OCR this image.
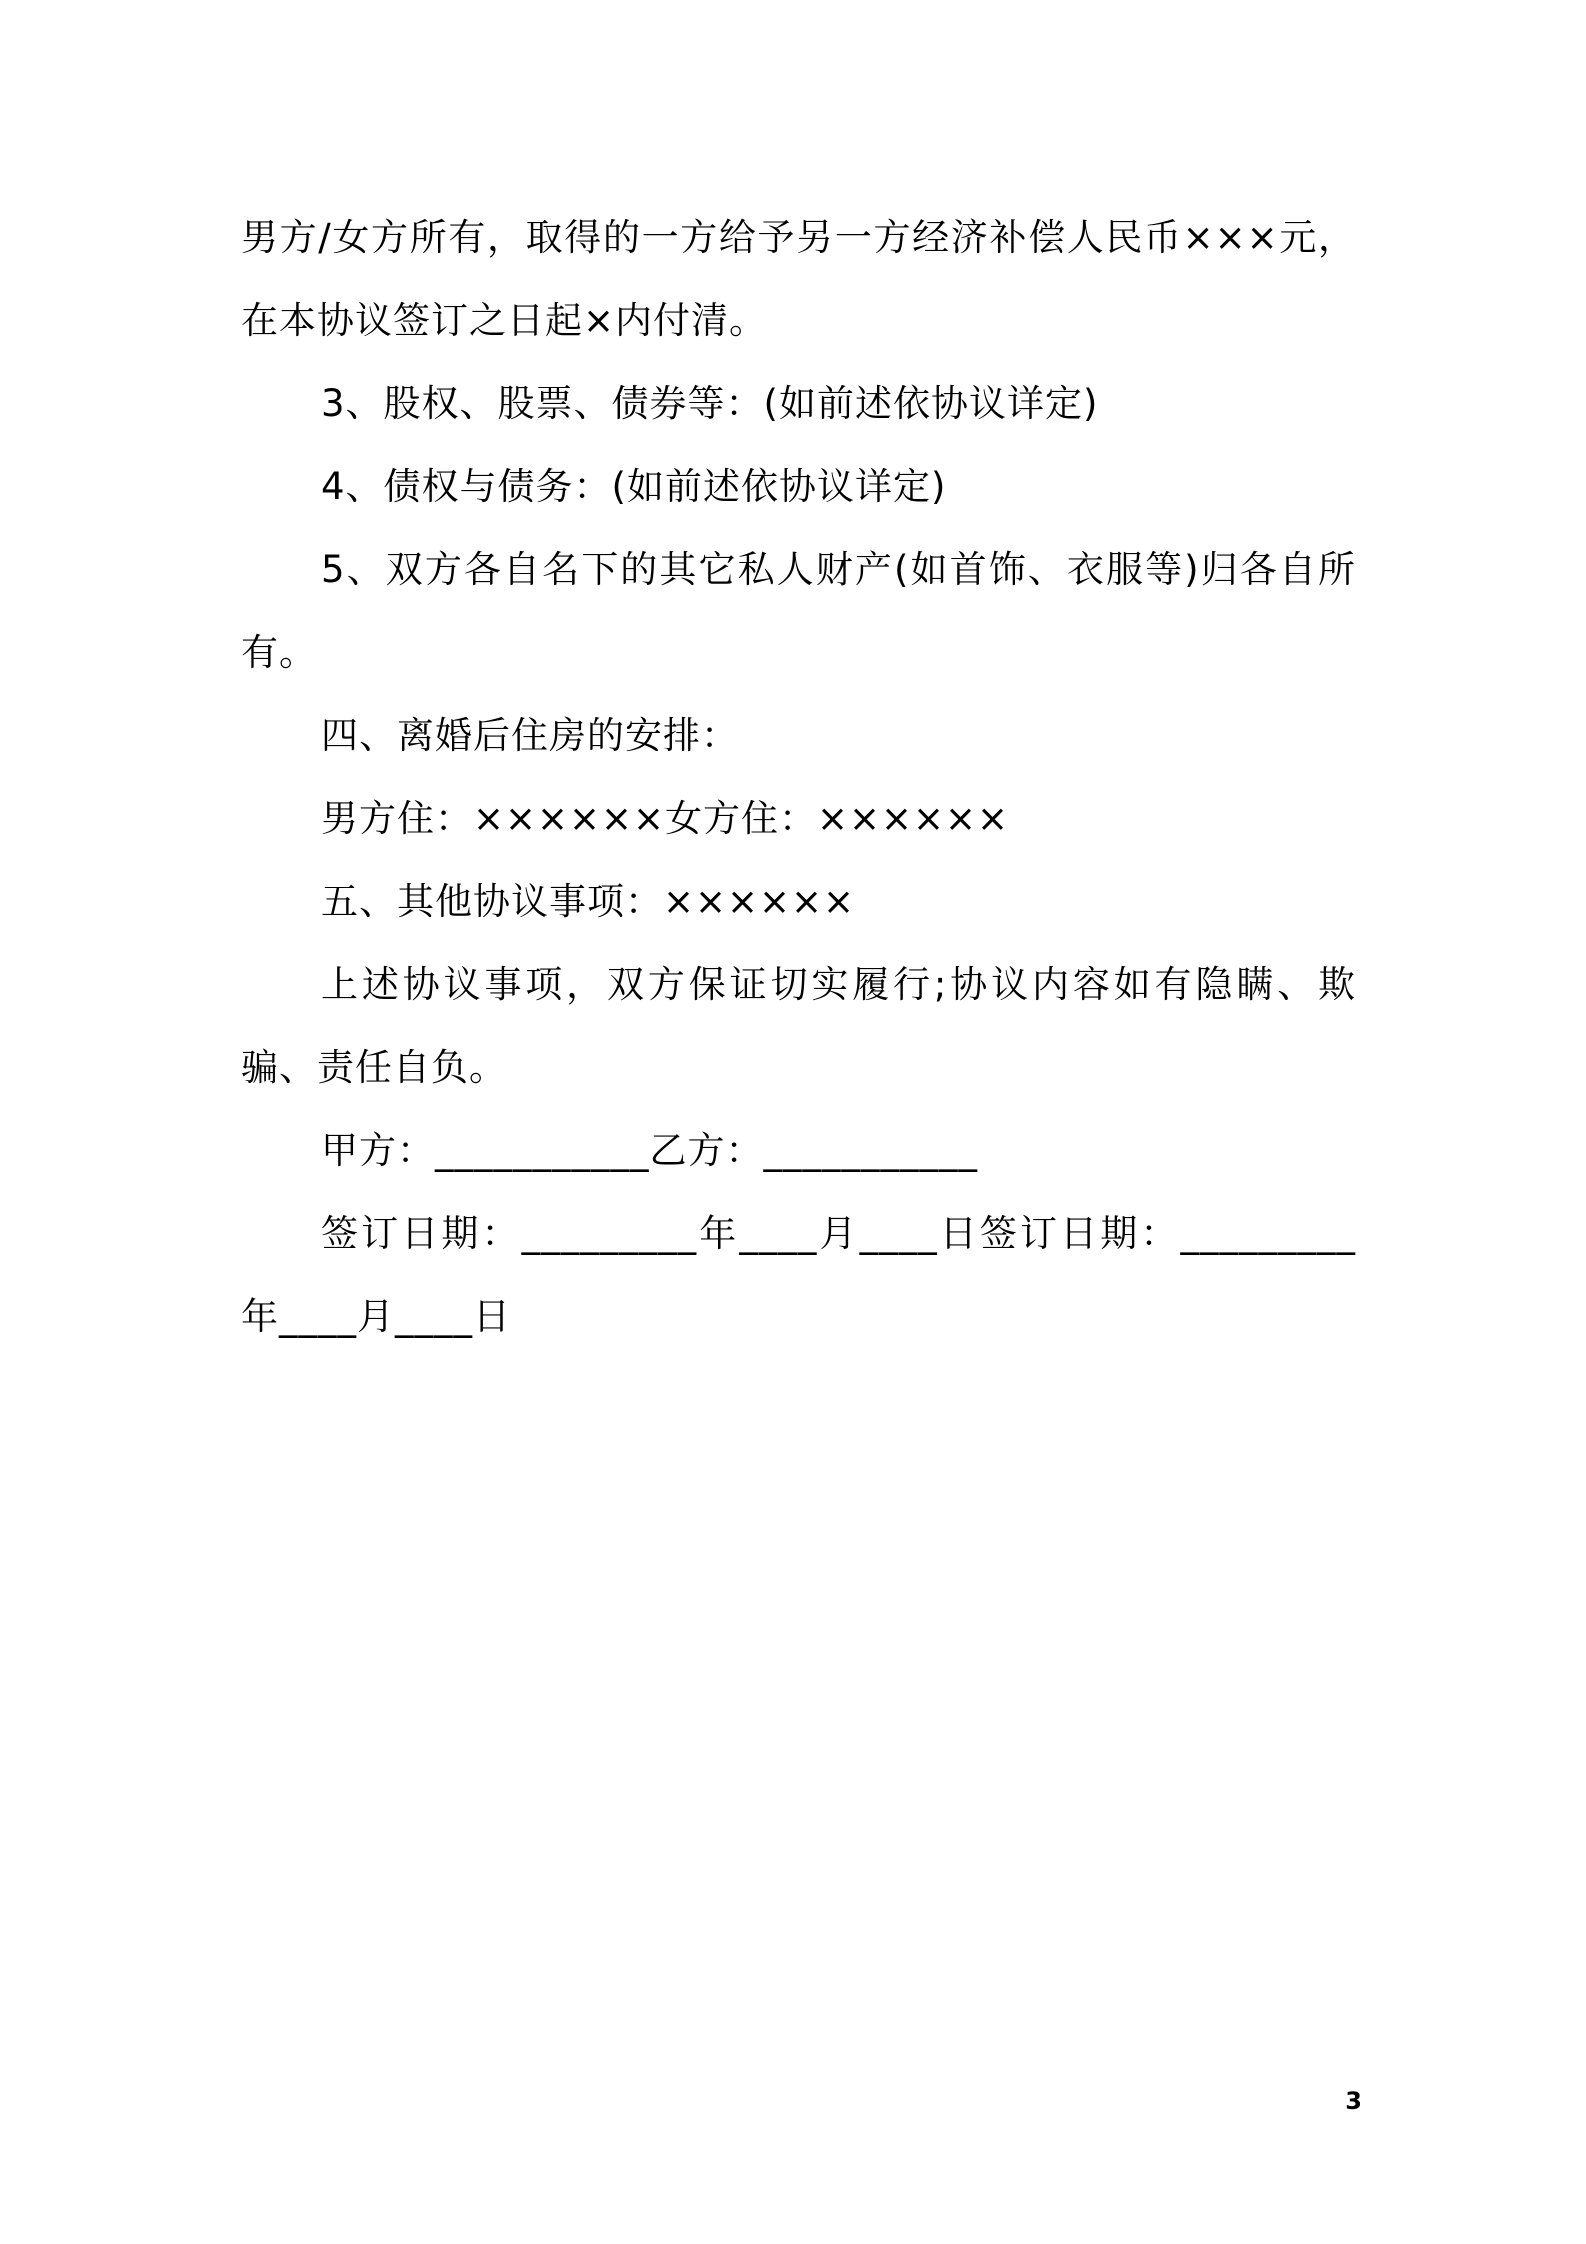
男方/女方所有，取得的一方给予另一方经济补偿人民币×××元，在本协议签订之日起×内付清。

3、股权、股票、债券等：(如前述依协议详定)

4、债权与债务：(如前述依协议详定)

5、双方各自名下的其它私人财产(如首饰、衣服等)归各自所有。

四、离婚后住房的安排：

男方住：××××××女方住：××××××

五、其他协议事项：××××××

上述协议事项，双方保证切实履行;协议内容如有隐瞒、欺骗、责任自负。

甲方：___________乙方：___________

签订日期：_________年____月____日签订日期：_________年____月____日

3
